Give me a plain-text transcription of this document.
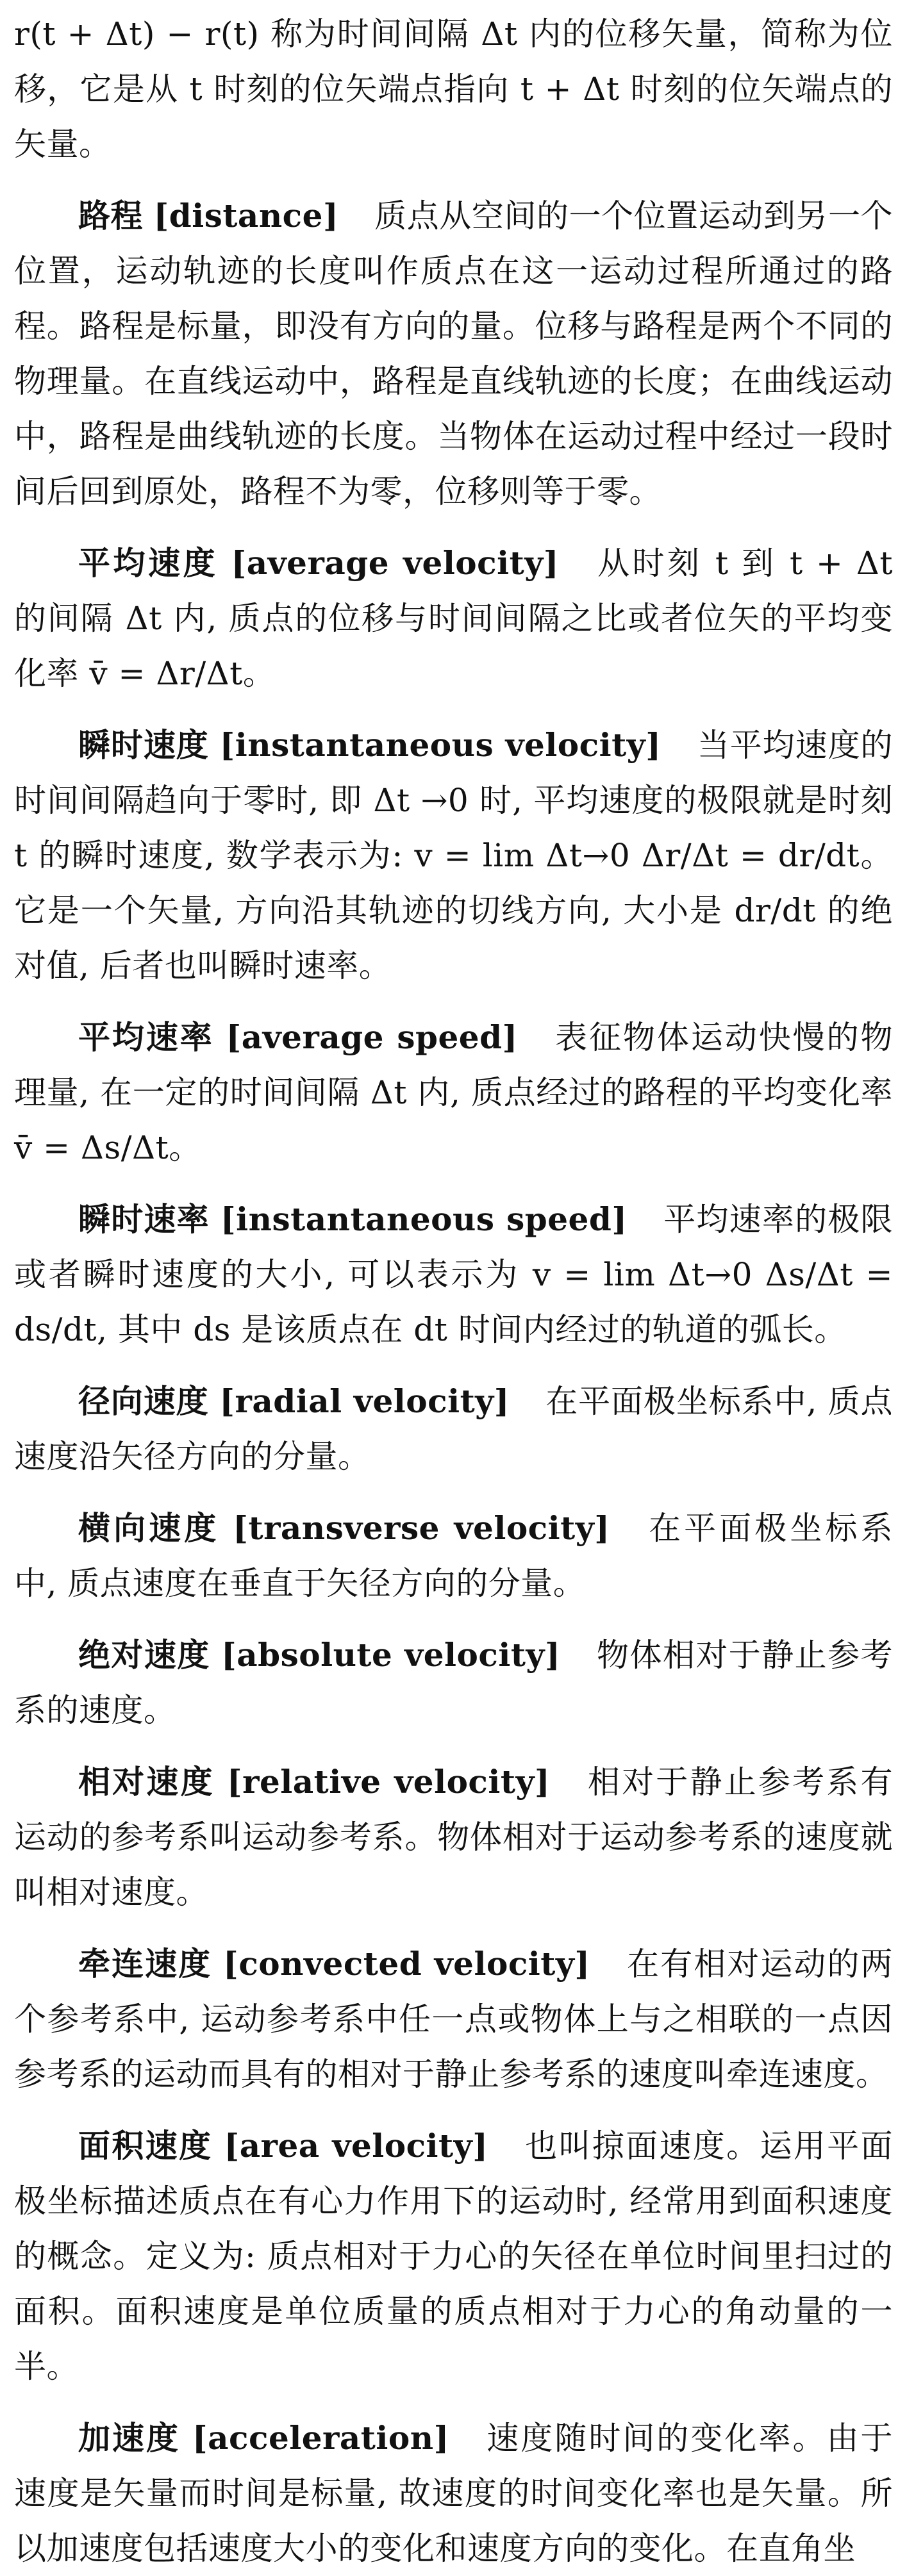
r(t + Δt) − r(t) 称为时间间隔 Δt 内的位移矢量，简称为位移，它是从 t 时刻的位矢端点指向 t + Δt 时刻的位矢端点的矢量。

路程 [distance] 质点从空间的一个位置运动到另一个位置，运动轨迹的长度叫作质点在这一运动过程所通过的路程。路程是标量，即没有方向的量。位移与路程是两个不同的物理量。在直线运动中，路程是直线轨迹的长度；在曲线运动中，路程是曲线轨迹的长度。当物体在运动过程中经过一段时间后回到原处，路程不为零，位移则等于零。

平均速度 [average velocity] 从时刻 t 到 t + Δt 的间隔 Δt 内, 质点的位移与时间间隔之比或者位矢的平均变化率 v̄ = Δr/Δt。

瞬时速度 [instantaneous velocity] 当平均速度的时间间隔趋向于零时, 即 Δt →0 时, 平均速度的极限就是时刻 t 的瞬时速度, 数学表示为: v = lim Δt→0 Δr/Δt = dr/dt。它是一个矢量, 方向沿其轨迹的切线方向, 大小是 dr/dt 的绝对值, 后者也叫瞬时速率。

平均速率 [average speed] 表征物体运动快慢的物理量, 在一定的时间间隔 Δt 内, 质点经过的路程的平均变化率 v̄ = Δs/Δt。

瞬时速率 [instantaneous speed] 平均速率的极限或者瞬时速度的大小, 可以表示为 v = lim Δt→0 Δs/Δt = ds/dt, 其中 ds 是该质点在 dt 时间内经过的轨道的弧长。

径向速度 [radial velocity] 在平面极坐标系中, 质点速度沿矢径方向的分量。

横向速度 [transverse velocity] 在平面极坐标系中, 质点速度在垂直于矢径方向的分量。

绝对速度 [absolute velocity] 物体相对于静止参考系的速度。

相对速度 [relative velocity] 相对于静止参考系有运动的参考系叫运动参考系。物体相对于运动参考系的速度就叫相对速度。

牵连速度 [convected velocity] 在有相对运动的两个参考系中, 运动参考系中任一点或物体上与之相联的一点因参考系的运动而具有的相对于静止参考系的速度叫牵连速度。

面积速度 [area velocity] 也叫掠面速度。运用平面极坐标描述质点在有心力作用下的运动时, 经常用到面积速度的概念。定义为: 质点相对于力心的矢径在单位时间里扫过的面积。面积速度是单位质量的质点相对于力心的角动量的一半。

加速度 [acceleration] 速度随时间的变化率。由于速度是矢量而时间是标量, 故速度的时间变化率也是矢量。所以加速度包括速度大小的变化和速度方向的变化。在直角坐
